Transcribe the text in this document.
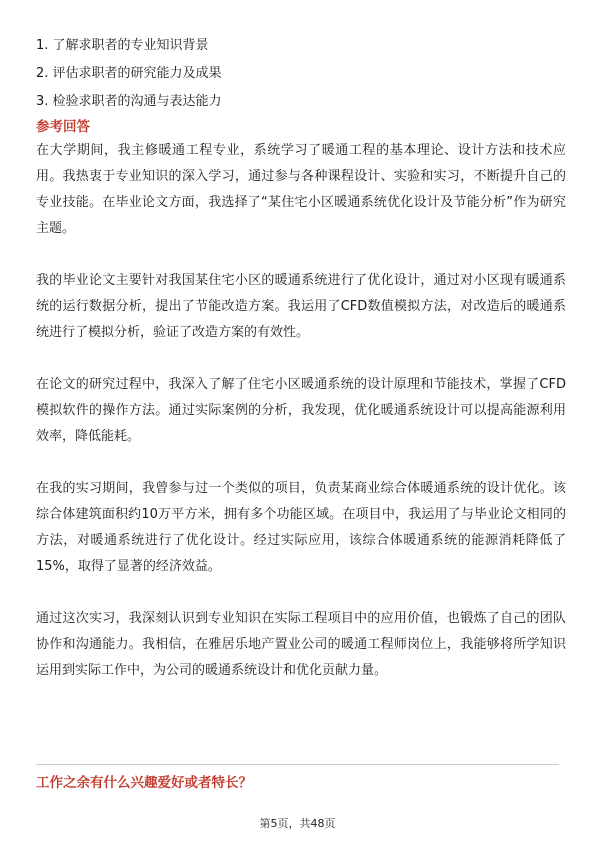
1. 了解求职者的专业知识背景
2. 评估求职者的研究能力及成果
3. 检验求职者的沟通与表达能力
参考回答

在大学期间，我主修暖通工程专业，系统学习了暖通工程的基本理论、设计方法和技术应用。我热衷于专业知识的深入学习，通过参与各种课程设计、实验和实习，不断提升自己的专业技能。在毕业论文方面，我选择了“某住宅小区暖通系统优化设计及节能分析”作为研究主题。

我的毕业论文主要针对我国某住宅小区的暖通系统进行了优化设计，通过对小区现有暖通系统的运行数据分析，提出了节能改造方案。我运用了CFD数值模拟方法，对改造后的暖通系统进行了模拟分析，验证了改造方案的有效性。

在论文的研究过程中，我深入了解了住宅小区暖通系统的设计原理和节能技术，掌握了CFD模拟软件的操作方法。通过实际案例的分析，我发现，优化暖通系统设计可以提高能源利用效率，降低能耗。

在我的实习期间，我曾参与过一个类似的项目，负责某商业综合体暖通系统的设计优化。该综合体建筑面积约10万平方米，拥有多个功能区域。在项目中，我运用了与毕业论文相同的方法，对暖通系统进行了优化设计。经过实际应用，该综合体暖通系统的能源消耗降低了15%，取得了显著的经济效益。

通过这次实习，我深刻认识到专业知识在实际工程项目中的应用价值，也锻炼了自己的团队协作和沟通能力。我相信，在雅居乐地产置业公司的暖通工程师岗位上，我能够将所学知识运用到实际工作中，为公司的暖通系统设计和优化贡献力量。

工作之余有什么兴趣爱好或者特长？
第5页，共48页
